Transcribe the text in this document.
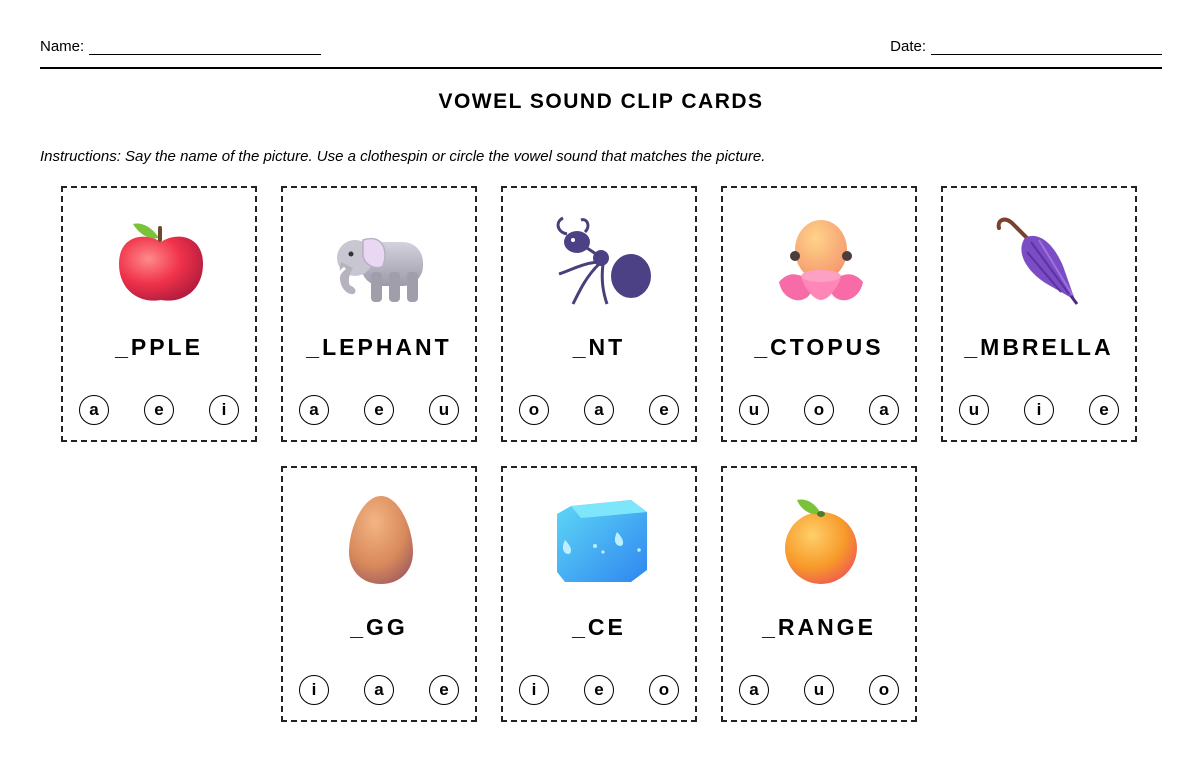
Name:	Date:
VOWEL SOUND CLIP CARDS
Instructions: Say the name of the picture. Use a clothespin or circle the vowel sound that matches the picture.
_PPLE
a	e	i
_LEPHANT
a	e	u
_NT
o	a	e
_CTOPUS
u	o	a
_MBRELLA
u	i	e
_GG
i	a	e
_CE
i	e	o
_RANGE
a	u	o
